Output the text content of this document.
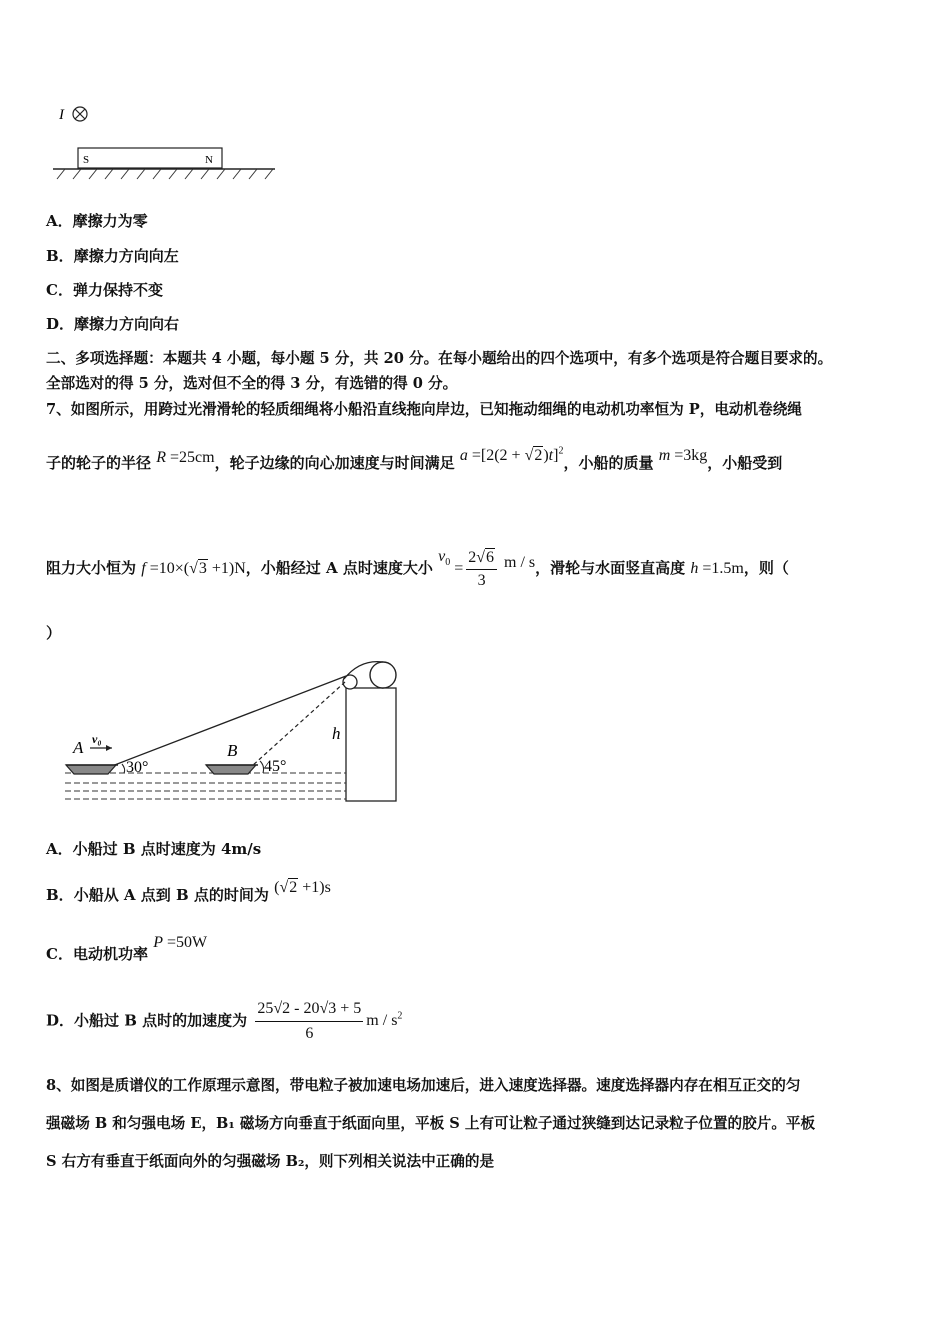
I
S	N
A．摩擦力为零
B．摩擦力方向向左
C．弹力保持不变
D．摩擦力方向向右
二、多项选择题：本题共 4 小题，每小题 5 分，共 20 分。在每小题给出的四个选项中，有多个选项是符合题目要求的。
全部选对的得 5 分，选对但不全的得 3 分，有选错的得 0 分。
7、如图所示，用跨过光滑滑轮的轻质细绳将小船沿直线拖向岸边，已知拖动细绳的电动机功率恒为 P，电动机卷绕绳
子的轮子的半径 R =25cm，轮子边缘的向心加速度与时间满足 $a =[2(2 + √2)t]^2$，小船的质量 m =3kg，小船受到
阻力大小恒为 f =10×(√3 +1)N，小船经过 A 点时速度大小 $v_0 = \frac{2√6}{3}$ m / s，滑轮与水面竖直高度 h =1.5m，则（
）
A v₀
B
30°	45°
h
A．小船过 B 点时速度为 4m/s
B．小船从 A 点到 B 点的时间为 (√2 +1)s
C．电动机功率 P =50W
D．小船过 B 点时的加速度为 $\frac{25√2 - 20√3 + 5}{6}$ m / $s^2$
8、如图是质谱仪的工作原理示意图，带电粒子被加速电场加速后，进入速度选择器。速度选择器内存在相互正交的匀
强磁场 B 和匀强电场 E，B₁ 磁场方向垂直于纸面向里，平板 S 上有可让粒子通过狭缝到达记录粒子位置的胶片。平板
S 右方有垂直于纸面向外的匀强磁场 B₂，则下列相关说法中正确的是
